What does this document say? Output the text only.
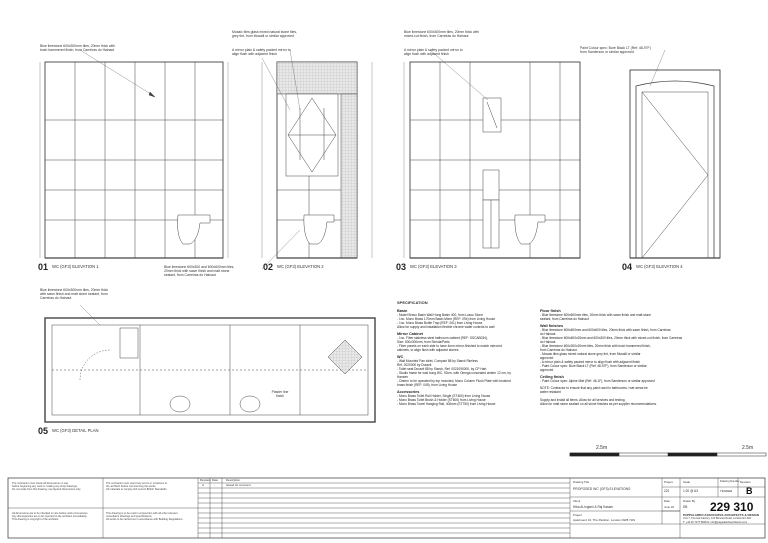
01 WC (GF3) ELEVATION 1	02 WC (GF3) ELEVATION 2	03 WC (GF3) ELEVATION 3	04 WC (GF3) ELEVATION 4
05 WC (GF3) DETAIL PLAN
Blue limestone 600x300mm tiles, 20mm thick with
bush hammered finish, from Carreiras do Hainaut
Mosaic tiles glass mixed natural stone tiles,
grey tint, from Mosaill or similar approved
A mirror plain & safety packed mirror to
align flush with adjacent finish
Blue limestone 600x300 and 600x600mm tiles,
20mm thick with sawn finish and matt stone
sealant, from Carreiras do Hainaut
Blue limestone 600x300mm tiles, 20mm thick with
mixed-cut finish, from Carreiras do Hainaut
A mirror plain & safety packed mirror to
align flush with adjacent finish
Paint Colour spec: Bure Black LT (Ref: 48-97F)
from Sanderson or similar approved
Blue limestone 600x300mm tiles, 20mm thick
with sawn finish and matt stone sealant, from
Carreiras do Hainaut
Plaster line
finish
SPECIFICATION
Basin
- Model Bravo Basin Wall Hung Basin 400, from Lusso Stone
- 1no. Mono Brass 170mm Basin Mixer (REF: 094) from Living House
- 1no. Mono Brass Bottle Trap (REF: 261) from Living House
Allow for supply and installation flexible chrome water controls to wall
Mirror Cabinet
- 1no. Fiber stainless steel bathroom cabinet (REF: SSCAB034),
Size: 500x300mm, from Simula/Parts
- Fiber panels on each side to have 4mm mirror-finished to match mirrored
cabinets, to align flush with adjacent stones.
WC
- Wall Mounted Pan toilet, Compact 88 by Starck Rimless
Ref: 2020000 by Duravit
- Toilet seat Duravit 88 by Starck, Ref: 0021090000, by CP Hart
- Studio frame for wall hung WC, 92cm, with Omega concealed cistern 12 cm, by
Hansen
- Cistern to be operated by top mounted, Mono Column Flush Plate with brushed
brass finish (REF: 049), from Living House
Accessories
- Mono Brass Toilet Roll Holder, Single (ST460) from Living House
- Mono Brass Toilet Brush & Holder (ST600) from Living House
- Mono Brass Towel Hanging Rail, 400mm (ST750) from Living House
Floor finish
- Blue limestone 600x600mm tiles, 20mm thick with sawn finish and matt stone
sealant, from Carreiras do Hainaut
Wall finishes
- Blue limestone 600x600mm and 600x600 tiles, 20mm thick with sawn finish, from Carreiras
do Hainaut
- Blue limestone 600x600x20mm and 600x300 tiles, 20mm thick with mixed-cut finish, from Carreiras
do Hainaut
- Blue limestone 600x300x20mm tiles, 20mm thick with bush hammered finish,
from Carreiras do Hainaut
- Mosaic tiles glass mixed natural stone grey tint, from Mosaill or similar
approved
- A mirror plain & safety packed mirror to align flush with adjacent finish
- Paint Colour spec: Bure Black LT (Ref: 48-97F), from Sanderson or similar
approved
Ceiling finish
- Paint Colour spec: Alpine Mist (Ref: 46-1F), from Sanderson or similar approved
NOTE: Contractor to ensure that any paint used in bathrooms / wet areas be
water resistant

Supply and install all items. Allow for all services and testing.
Allow for matt stone sealant on all stone finishes as per supplier recommendations.
2.5m	2.5m
The contractor must check all dimensions on site
before beginning any work or making any shop drawings.
Do not scale from this drawing; use figured dimensions only.
The contractor must report any errors or omissions to
the architect before commencing the works.
All materials to comply with current British Standards.
All dimensions are to be checked on site before work commences.
Any discrepancies are to be reported to the architect immediately.
This drawing is copyright of the architect.
This drawing is to be read in conjunction with all other relevant
consultants drawings and specifications.
All works to be carried out in accordance with Building Regulations.
Revision Date	Description
A	-	Issued for comment
Drawing Title
PROPOSED WC (GF3) ELEVATIONS
Project
222
Scale
1:20 @ A3
Drawing Number
TENDER
Revision
B
Client
Hiba Al-Inglani & Raj Kasam
Date
June 18
Drawn By
DB 229 310
Project
Apartment 10, The Pavilion, London NW8 7HS
PAPPALARDO ASSOCIATES ARCHITECTS & DESIGN
Unit 7, The Hat Factory, 110 Bennett Road, London E3 4LD
T: +44 20 7277 8900 E: info@pappalardoarchitects.com
